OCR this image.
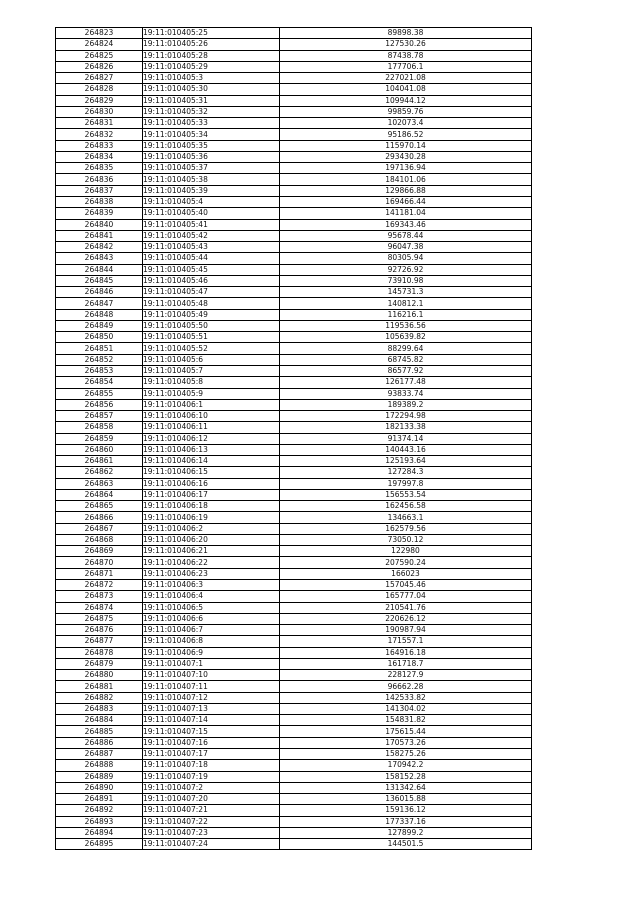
264823	19:11:010405:25	89898.38
264824	19:11:010405:26	127530.26
264825	19:11:010405:28	87438.78
264826	19:11:010405:29	177706.1
264827	19:11:010405:3	227021.08
264828	19:11:010405:30	104041.08
264829	19:11:010405:31	109944.12
264830	19:11:010405:32	99859.76
264831	19:11:010405:33	102073.4
264832	19:11:010405:34	95186.52
264833	19:11:010405:35	115970.14
264834	19:11:010405:36	293430.28
264835	19:11:010405:37	197136.94
264836	19:11:010405:38	184101.06
264837	19:11:010405:39	129866.88
264838	19:11:010405:4	169466.44
264839	19:11:010405:40	141181.04
264840	19:11:010405:41	169343.46
264841	19:11:010405:42	95678.44
264842	19:11:010405:43	96047.38
264843	19:11:010405:44	80305.94
264844	19:11:010405:45	92726.92
264845	19:11:010405:46	73910.98
264846	19:11:010405:47	145731.3
264847	19:11:010405:48	140812.1
264848	19:11:010405:49	116216.1
264849	19:11:010405:50	119536.56
264850	19:11:010405:51	105639.82
264851	19:11:010405:52	88299.64
264852	19:11:010405:6	68745.82
264853	19:11:010405:7	86577.92
264854	19:11:010405:8	126177.48
264855	19:11:010405:9	93833.74
264856	19:11:010406:1	189389.2
264857	19:11:010406:10	172294.98
264858	19:11:010406:11	182133.38
264859	19:11:010406:12	91374.14
264860	19:11:010406:13	140443.16
264861	19:11:010406:14	125193.64
264862	19:11:010406:15	127284.3
264863	19:11:010406:16	197997.8
264864	19:11:010406:17	156553.54
264865	19:11:010406:18	162456.58
264866	19:11:010406:19	134663.1
264867	19:11:010406:2	162579.56
264868	19:11:010406:20	73050.12
264869	19:11:010406:21	122980
264870	19:11:010406:22	207590.24
264871	19:11:010406:23	166023
264872	19:11:010406:3	157045.46
264873	19:11:010406:4	165777.04
264874	19:11:010406:5	210541.76
264875	19:11:010406:6	220626.12
264876	19:11:010406:7	190987.94
264877	19:11:010406:8	171557.1
264878	19:11:010406:9	164916.18
264879	19:11:010407:1	161718.7
264880	19:11:010407:10	228127.9
264881	19:11:010407:11	96662.28
264882	19:11:010407:12	142533.82
264883	19:11:010407:13	141304.02
264884	19:11:010407:14	154831.82
264885	19:11:010407:15	175615.44
264886	19:11:010407:16	170573.26
264887	19:11:010407:17	158275.26
264888	19:11:010407:18	170942.2
264889	19:11:010407:19	158152.28
264890	19:11:010407:2	131342.64
264891	19:11:010407:20	136015.88
264892	19:11:010407:21	159136.12
264893	19:11:010407:22	177337.16
264894	19:11:010407:23	127899.2
264895	19:11:010407:24	144501.5
